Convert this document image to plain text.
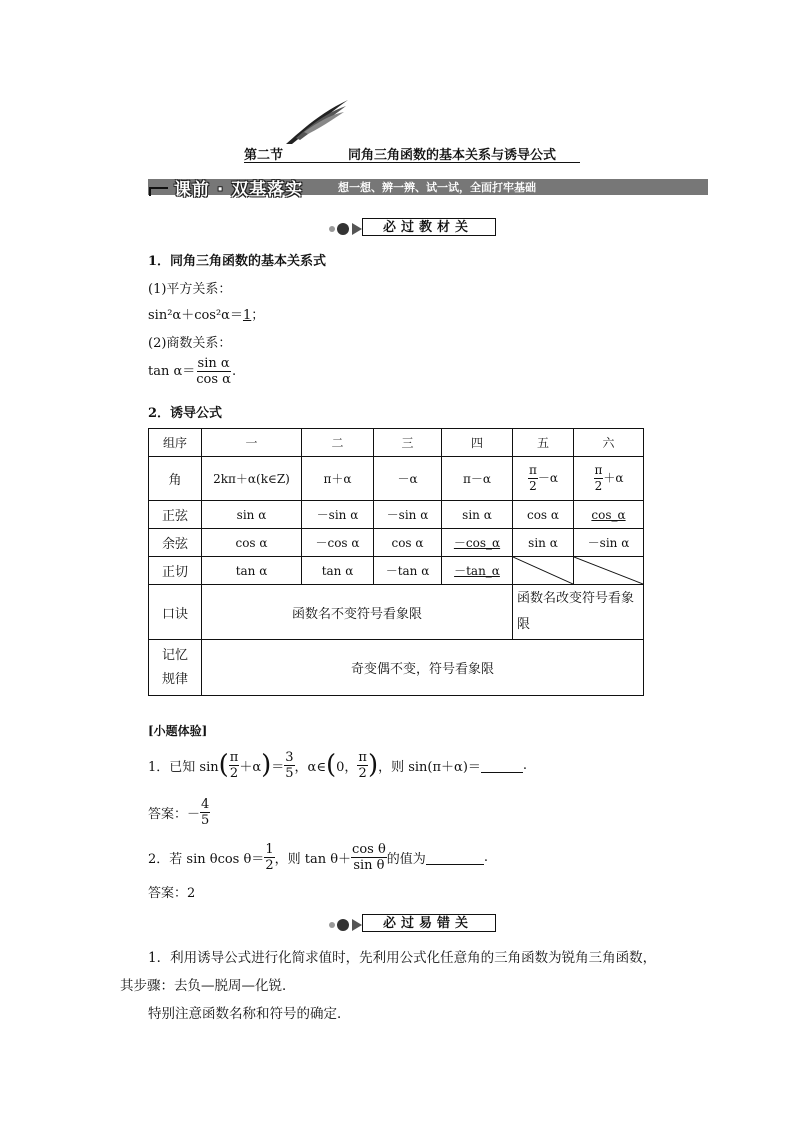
第二节	同角三角函数的基本关系与诱导公式
课前 · 双基落实	想一想、辨一辨、试一试，全面打牢基础
必过教材关
1．同角三角函数的基本关系式
(1)平方关系：
sin²α＋cos²α＝1；
(2)商数关系：
$\tan \alpha= \frac{\text{sin α}}{\text{cos α}}$ .
2．诱导公式
组序	一	二	三	四	五	六
角	2kπ＋α(k∈Z)	π＋α	－α	π－α	$\frac{\pi}{2} -\alpha$	$\frac{\pi}{2} +\alpha$
正弦	sin α	－sin α	－sin α	sin α	cos α	cos_α
余弦	cos α	－cos α	cos α	－cos_α	sin α	－sin α
正切	tan α	tan α	－tan α	－tan_α	

口诀	函数名不变符号看象限				函数名改变符号看象限	
记忆
规律	奇变偶不变，符号看象限					
[小题体验]
1．已知 sin ( $\frac{\pi}{2} +\alpha$ ) ＝ $\frac{3}{5}$ ，α∈ ( 0， $\frac{\pi}{2}$ ) ，则 sin(π＋α)＝	.
答案：－ $\frac{4}{5}$
2．若 sin θcos $\theta= \frac{1}{2}$ ，则 $\tan \theta+ \frac{\text{cos θ}}{\text{sin θ}}$ 的值为	.
答案：2
必过易错关
1．利用诱导公式进行化简求值时，先利用公式化任意角的三角函数为锐角三角函数，
其步骤：去负—脱周—化锐．
特别注意函数名称和符号的确定．
